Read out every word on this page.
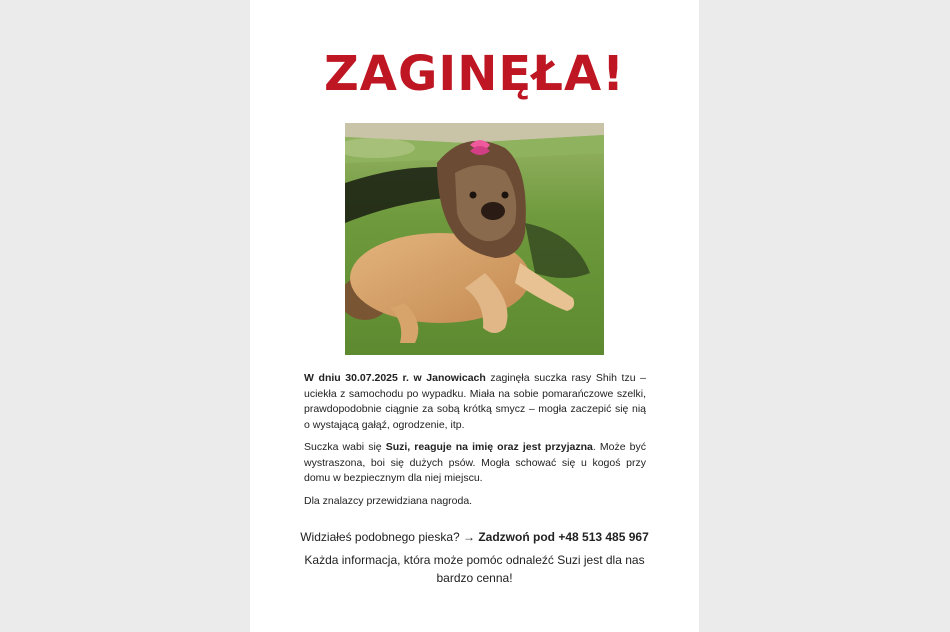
ZAGINĘŁA!

W dniu 30.07.2025 r. w Janowicach zaginęła suczka rasy Shih tzu – uciekła z samochodu po wypadku. Miała na sobie pomarańczowe szelki, prawdopodobnie ciągnie za sobą krótką smycz – mogła zaczepić się nią o wystającą gałąź, ogrodzenie, itp.

Suczka wabi się Suzi, reaguje na imię oraz jest przyjazna. Może być wystraszona, boi się dużych psów. Mogła schować się u kogoś przy domu w bezpiecznym dla niej miejscu.

Dla znalazcy przewidziana nagroda.

Widziałeś podobnego pieska? → Zadzwoń pod +48 513 485 967
Każda informacja, która może pomóc odnaleźć Suzi jest dla nas bardzo cenna!
